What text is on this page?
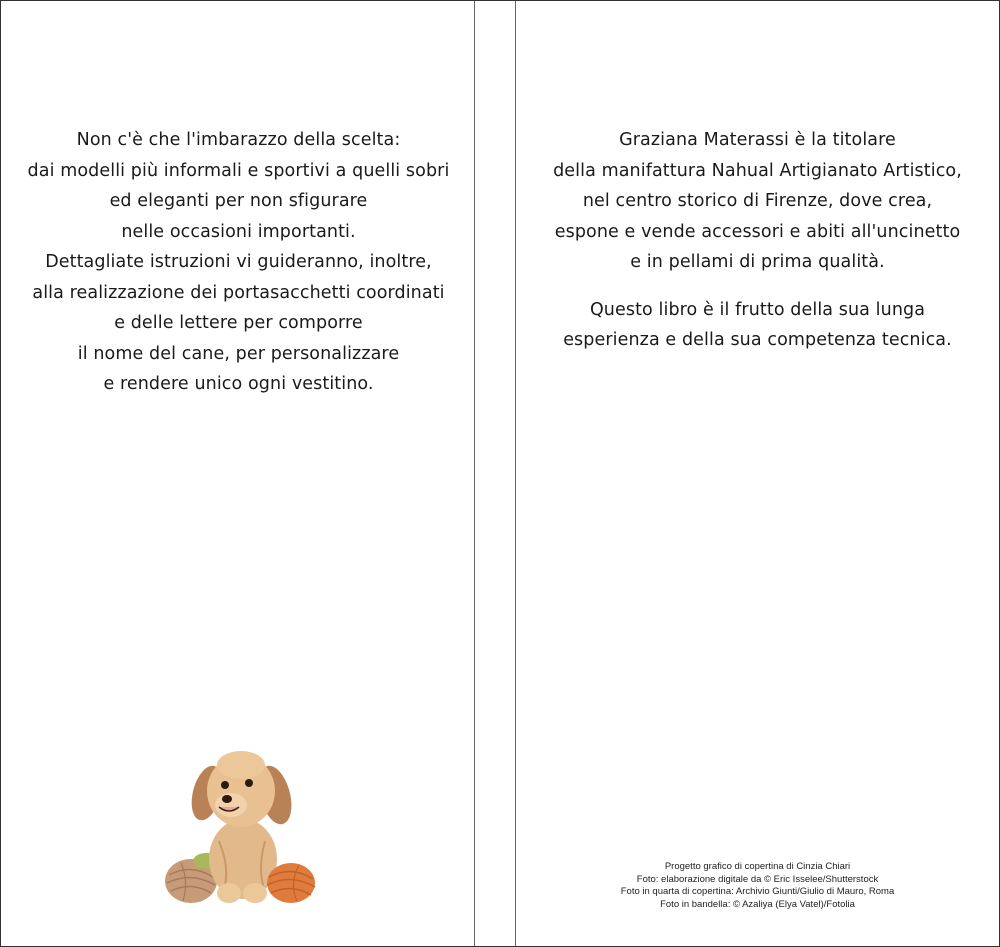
Non c'è che l'imbarazzo della scelta:
dai modelli più informali e sportivi a quelli sobri
ed eleganti per non sfigurare
nelle occasioni importanti.
Dettagliate istruzioni vi guideranno, inoltre,
alla realizzazione dei portasacchetti coordinati
e delle lettere per comporre
il nome del cane, per personalizzare
e rendere unico ogni vestitino.
Graziana Materassi è la titolare
della manifattura Nahual Artigianato Artistico,
nel centro storico di Firenze, dove crea,
espone e vende accessori e abiti all'uncinetto
e in pellami di prima qualità.
Questo libro è il frutto della sua lunga
esperienza e della sua competenza tecnica.
Progetto grafico di copertina di Cinzia Chiari
Foto: elaborazione digitale da © Eric Isselee/Shutterstock
Foto in quarta di copertina: Archivio Giunti/Giulio di Mauro, Roma
Foto in bandella: © Azaliya (Elya Vatel)/Fotolia
